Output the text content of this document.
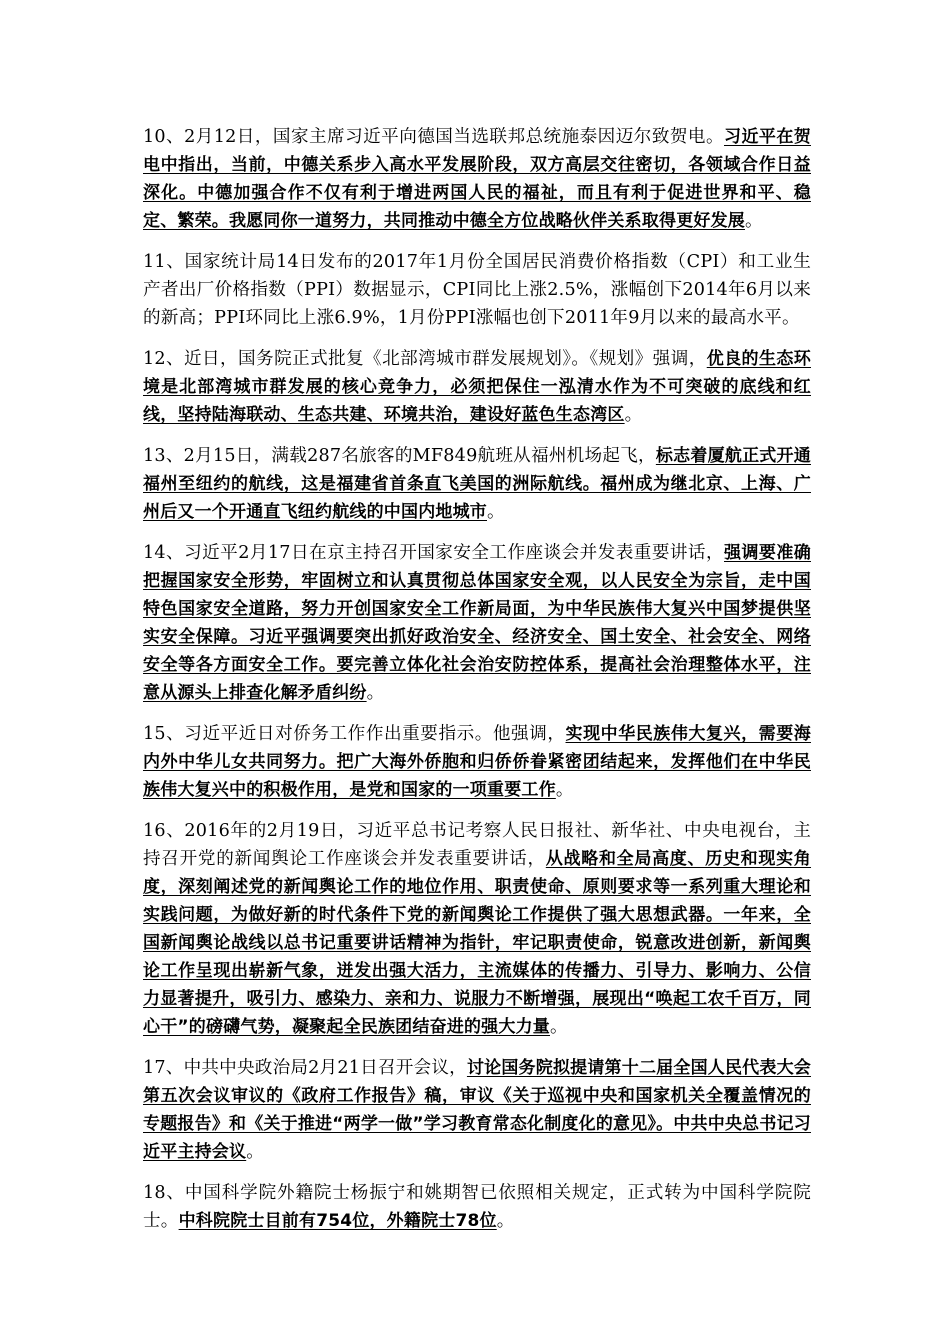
10、2月12日，国家主席习近平向德国当选联邦总统施泰因迈尔致贺电。习近平在贺电中指出，当前，中德关系步入高水平发展阶段，双方高层交往密切，各领域合作日益深化。中德加强合作不仅有利于增进两国人民的福祉，而且有利于促进世界和平、稳定、繁荣。我愿同你一道努力，共同推动中德全方位战略伙伴关系取得更好发展。

11、国家统计局14日发布的2017年1月份全国居民消费价格指数（CPI）和工业生产者出厂价格指数（PPI）数据显示，CPI同比上涨2.5%，涨幅创下2014年6月以来的新高；PPI环同比上涨6.9%，1月份PPI涨幅也创下2011年9月以来的最高水平。

12、近日，国务院正式批复《北部湾城市群发展规划》。《规划》强调，优良的生态环境是北部湾城市群发展的核心竞争力，必须把保住一泓清水作为不可突破的底线和红线，坚持陆海联动、生态共建、环境共治，建设好蓝色生态湾区。

13、2月15日，满载287名旅客的MF849航班从福州机场起飞，标志着厦航正式开通福州至纽约的航线，这是福建省首条直飞美国的洲际航线。福州成为继北京、上海、广州后又一个开通直飞纽约航线的中国内地城市。

14、习近平2月17日在京主持召开国家安全工作座谈会并发表重要讲话，强调要准确把握国家安全形势，牢固树立和认真贯彻总体国家安全观，以人民安全为宗旨，走中国特色国家安全道路，努力开创国家安全工作新局面，为中华民族伟大复兴中国梦提供坚实安全保障。习近平强调要突出抓好政治安全、经济安全、国土安全、社会安全、网络安全等各方面安全工作。要完善立体化社会治安防控体系，提高社会治理整体水平，注意从源头上排查化解矛盾纠纷。

15、习近平近日对侨务工作作出重要指示。他强调，实现中华民族伟大复兴，需要海内外中华儿女共同努力。把广大海外侨胞和归侨侨眷紧密团结起来，发挥他们在中华民族伟大复兴中的积极作用，是党和国家的一项重要工作。

16、2016年的2月19日，习近平总书记考察人民日报社、新华社、中央电视台，主持召开党的新闻舆论工作座谈会并发表重要讲话，从战略和全局高度、历史和现实角度，深刻阐述党的新闻舆论工作的地位作用、职责使命、原则要求等一系列重大理论和实践问题，为做好新的时代条件下党的新闻舆论工作提供了强大思想武器。一年来，全国新闻舆论战线以总书记重要讲话精神为指针，牢记职责使命，锐意改进创新，新闻舆论工作呈现出崭新气象，迸发出强大活力，主流媒体的传播力、引导力、影响力、公信力显著提升，吸引力、感染力、亲和力、说服力不断增强，展现出“唤起工农千百万，同心干”的磅礴气势，凝聚起全民族团结奋进的强大力量。

17、中共中央政治局2月21日召开会议，讨论国务院拟提请第十二届全国人民代表大会第五次会议审议的《政府工作报告》稿，审议《关于巡视中央和国家机关全覆盖情况的专题报告》和《关于推进“两学一做”学习教育常态化制度化的意见》。中共中央总书记习近平主持会议。

18、中国科学院外籍院士杨振宁和姚期智已依照相关规定，正式转为中国科学院院士。中科院院士目前有754位，外籍院士78位。
